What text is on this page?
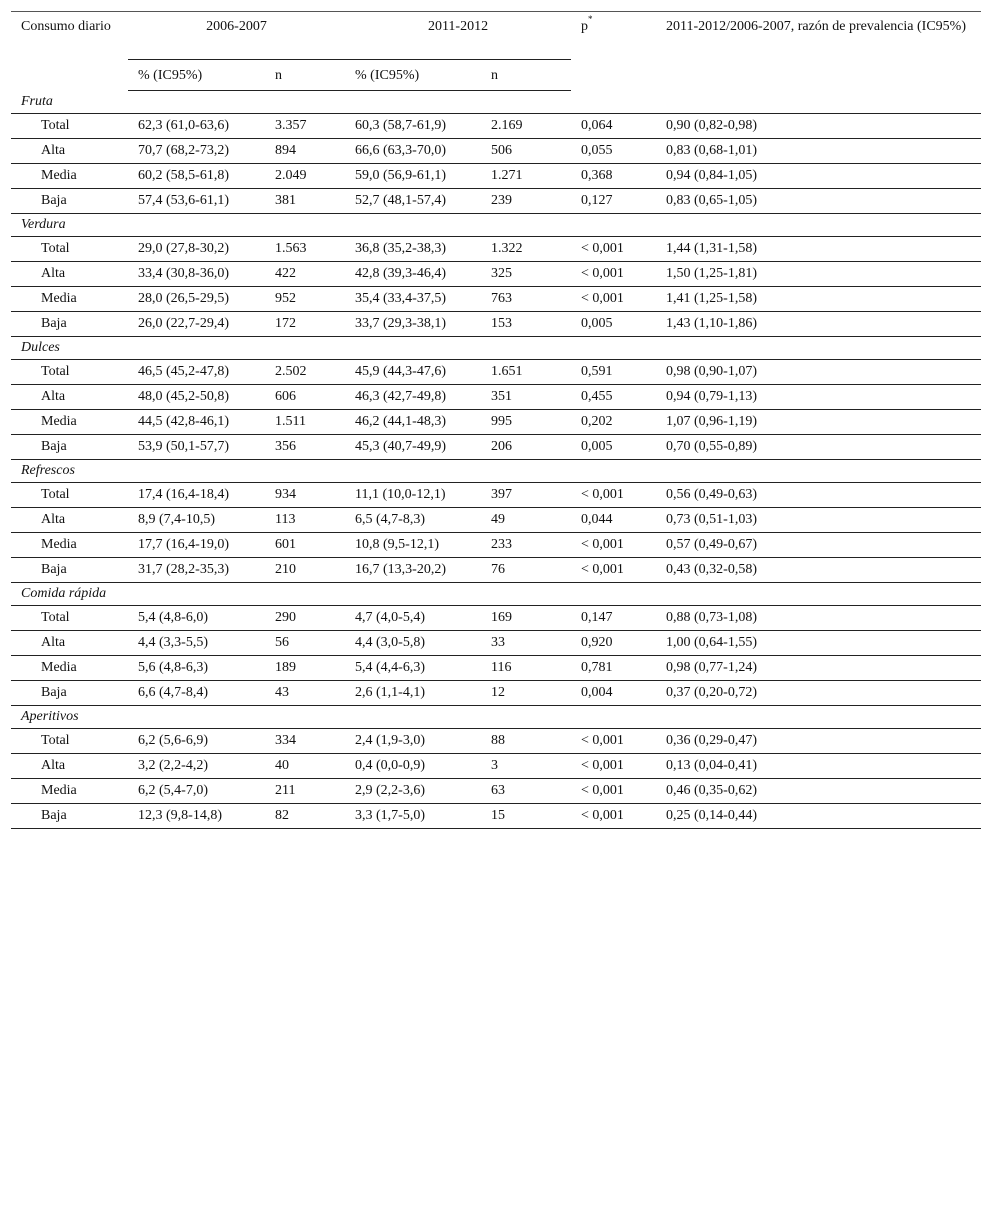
Consumo diario	2006-2007		2011-2012		p*	2011-2012/2006-2007, razón de prevalencia (IC95%)
	% (IC95%)	n	% (IC95%)	n		
Fruta						
Total	62,3 (61,0-63,6)	3.357	60,3 (58,7-61,9)	2.169	0,064	0,90 (0,82-0,98)
Alta	70,7 (68,2-73,2)	894	66,6 (63,3-70,0)	506	0,055	0,83 (0,68-1,01)
Media	60,2 (58,5-61,8)	2.049	59,0 (56,9-61,1)	1.271	0,368	0,94 (0,84-1,05)
Baja	57,4 (53,6-61,1)	381	52,7 (48,1-57,4)	239	0,127	0,83 (0,65-1,05)
Verdura						
Total	29,0 (27,8-30,2)	1.563	36,8 (35,2-38,3)	1.322	< 0,001	1,44 (1,31-1,58)
Alta	33,4 (30,8-36,0)	422	42,8 (39,3-46,4)	325	< 0,001	1,50 (1,25-1,81)
Media	28,0 (26,5-29,5)	952	35,4 (33,4-37,5)	763	< 0,001	1,41 (1,25-1,58)
Baja	26,0 (22,7-29,4)	172	33,7 (29,3-38,1)	153	0,005	1,43 (1,10-1,86)
Dulces						
Total	46,5 (45,2-47,8)	2.502	45,9 (44,3-47,6)	1.651	0,591	0,98 (0,90-1,07)
Alta	48,0 (45,2-50,8)	606	46,3 (42,7-49,8)	351	0,455	0,94 (0,79-1,13)
Media	44,5 (42,8-46,1)	1.511	46,2 (44,1-48,3)	995	0,202	1,07 (0,96-1,19)
Baja	53,9 (50,1-57,7)	356	45,3 (40,7-49,9)	206	0,005	0,70 (0,55-0,89)
Refrescos						
Total	17,4 (16,4-18,4)	934	11,1 (10,0-12,1)	397	< 0,001	0,56 (0,49-0,63)
Alta	8,9 (7,4-10,5)	113	6,5 (4,7-8,3)	49	0,044	0,73 (0,51-1,03)
Media	17,7 (16,4-19,0)	601	10,8 (9,5-12,1)	233	< 0,001	0,57 (0,49-0,67)
Baja	31,7 (28,2-35,3)	210	16,7 (13,3-20,2)	76	< 0,001	0,43 (0,32-0,58)
Comida rápida						
Total	5,4 (4,8-6,0)	290	4,7 (4,0-5,4)	169	0,147	0,88 (0,73-1,08)
Alta	4,4 (3,3-5,5)	56	4,4 (3,0-5,8)	33	0,920	1,00 (0,64-1,55)
Media	5,6 (4,8-6,3)	189	5,4 (4,4-6,3)	116	0,781	0,98 (0,77-1,24)
Baja	6,6 (4,7-8,4)	43	2,6 (1,1-4,1)	12	0,004	0,37 (0,20-0,72)
Aperitivos						
Total	6,2 (5,6-6,9)	334	2,4 (1,9-3,0)	88	< 0,001	0,36 (0,29-0,47)
Alta	3,2 (2,2-4,2)	40	0,4 (0,0-0,9)	3	< 0,001	0,13 (0,04-0,41)
Media	6,2 (5,4-7,0)	211	2,9 (2,2-3,6)	63	< 0,001	0,46 (0,35-0,62)
Baja	12,3 (9,8-14,8)	82	3,3 (1,7-5,0)	15	< 0,001	0,25 (0,14-0,44)
